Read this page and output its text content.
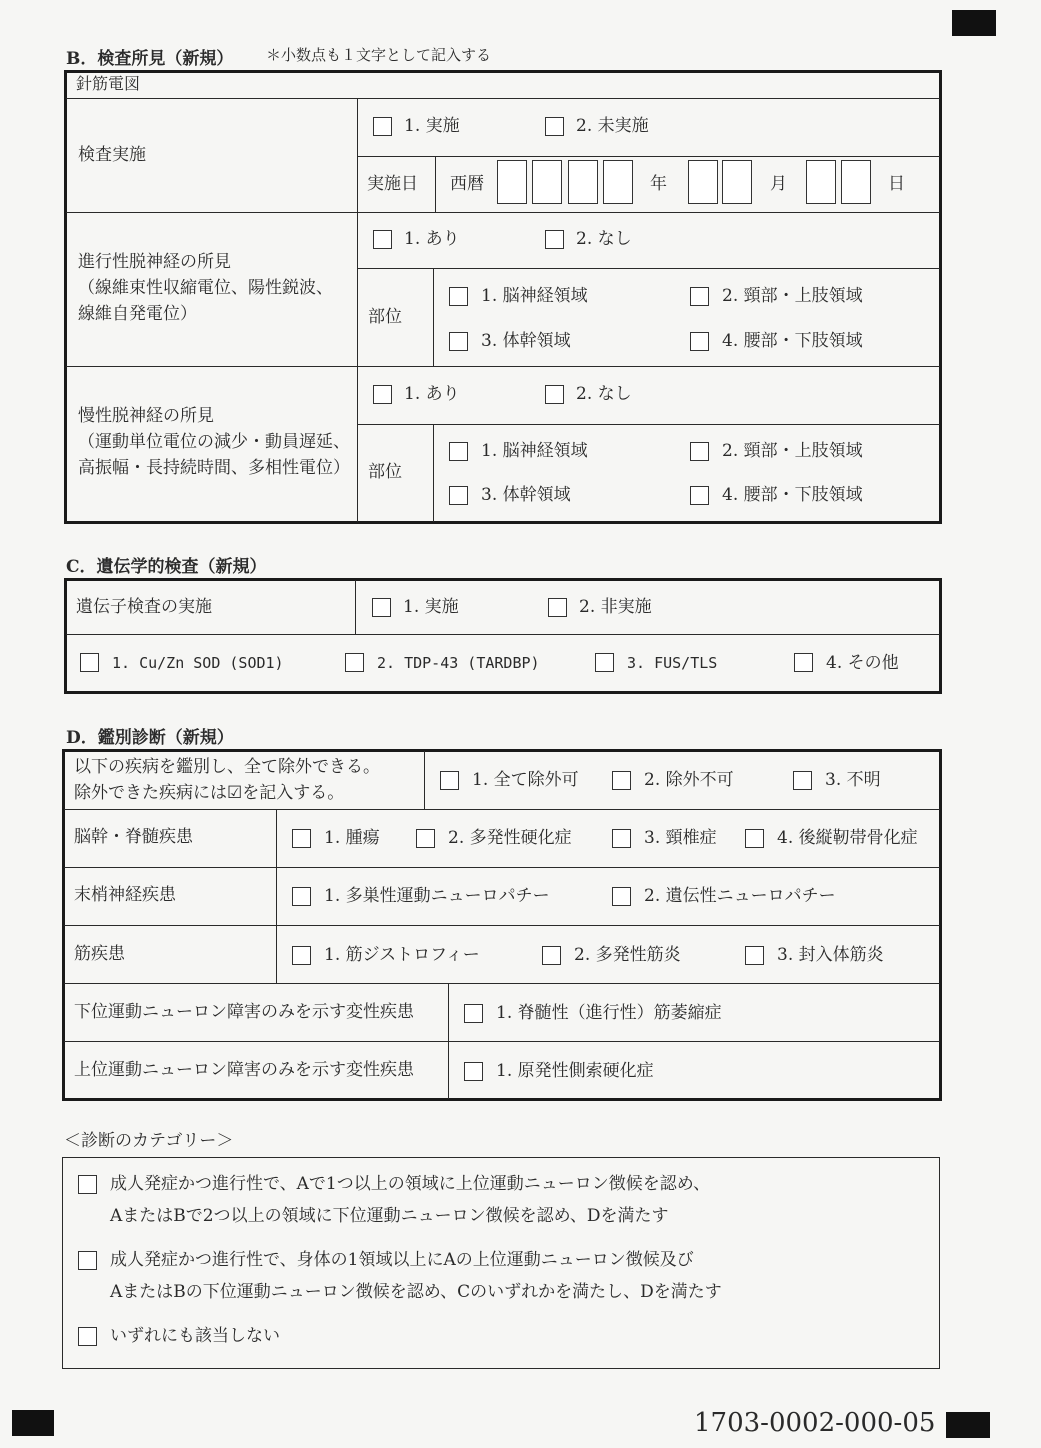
B．検査所見（新規） ＊小数点も１文字として記入する
針筋電図
検査実施
1. 実施	2. 未実施
実施日 西暦	年	月	日
進行性脱神経の所見
（線維束性収縮電位、陽性鋭波、
線維自発電位）
1. あり	2. なし
部位
1. 脳神経領域	2. 頸部・上肢領域
3. 体幹領域	4. 腰部・下肢領域
慢性脱神経の所見
（運動単位電位の減少・動員遅延、
高振幅・長持続時間、多相性電位）
1. あり	2. なし
部位
1. 脳神経領域	2. 頸部・上肢領域
3. 体幹領域	4. 腰部・下肢領域
C．遺伝学的検査（新規）
遺伝子検査の実施	1. 実施	2. 非実施
1. Cu/Zn SOD (SOD1)	2. TDP-43 (TARDBP)	3. FUS/TLS	4. その他
D．鑑別診断（新規）
以下の疾病を鑑別し、全て除外できる。
除外できた疾病には☑を記入する。
1. 全て除外可	2. 除外不可	3. 不明
脳幹・脊髄疾患	1. 腫瘍	2. 多発性硬化症	3. 頸椎症	4. 後縦靭帯骨化症
末梢神経疾患	1. 多巣性運動ニューロパチー	2. 遺伝性ニューロパチー
筋疾患	1. 筋ジストロフィー	2. 多発性筋炎	3. 封入体筋炎
下位運動ニューロン障害のみを示す変性疾患	1. 脊髄性（進行性）筋萎縮症
上位運動ニューロン障害のみを示す変性疾患	1. 原発性側索硬化症
＜診断のカテゴリー＞
成人発症かつ進行性で、Aで1つ以上の領域に上位運動ニューロン徴候を認め、
AまたはBで2つ以上の領域に下位運動ニューロン徴候を認め、Dを満たす
成人発症かつ進行性で、身体の1領域以上にAの上位運動ニューロン徴候及び
AまたはBの下位運動ニューロン徴候を認め、Cのいずれかを満たし、Dを満たす
いずれにも該当しない
1703-0002-000-05
